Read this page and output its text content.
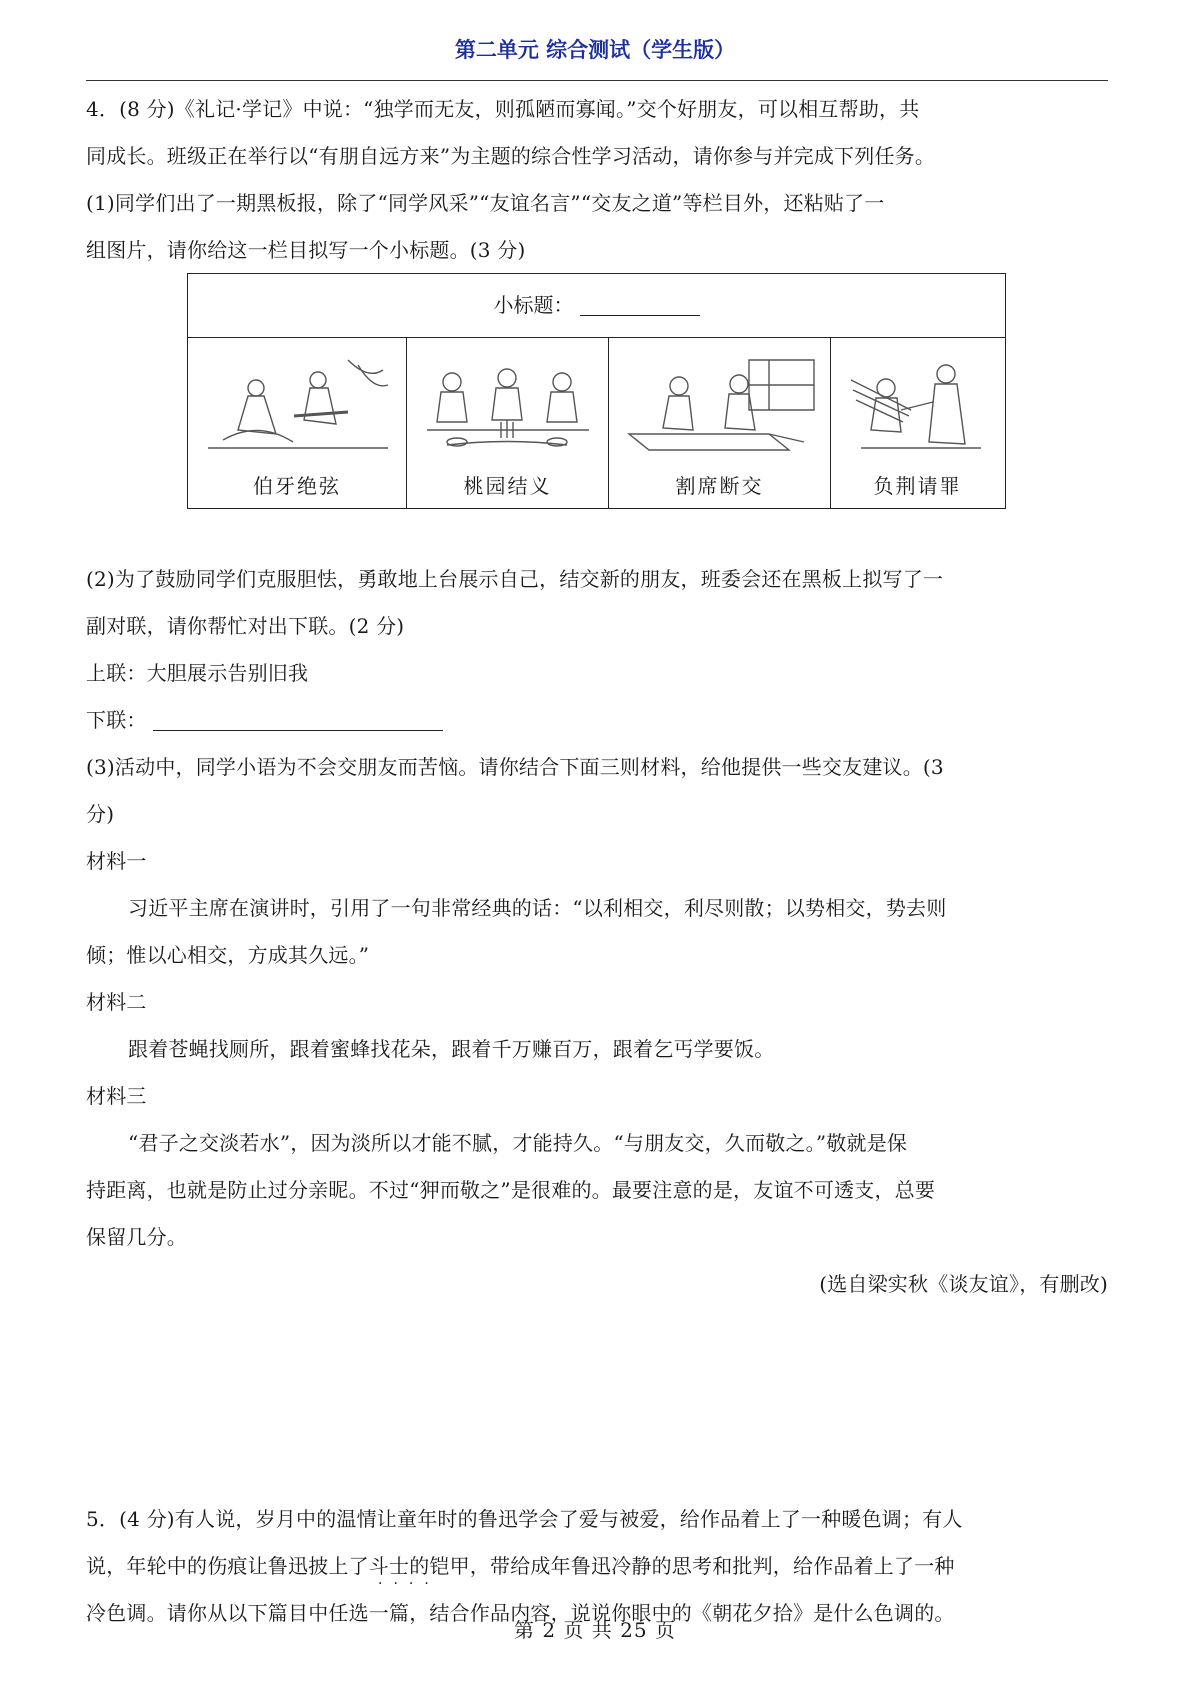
第二单元 综合测试（学生版）

4．(8 分)《礼记·学记》中说：“独学而无友，则孤陋而寡闻。”交个好朋友，可以相互帮助，共

同成长。班级正在举行以“有朋自远方来”为主题的综合性学习活动，请你参与并完成下列任务。

(1)同学们出了一期黑板报，除了“同学风采”“友谊名言”“交友之道”等栏目外，还粘贴了一

组图片，请你给这一栏目拟写一个小标题。(3 分)

(2)为了鼓励同学们克服胆怯，勇敢地上台展示自己，结交新的朋友，班委会还在黑板上拟写了一

副对联，请你帮忙对出下联。(2 分)

上联：大胆展示告别旧我

下联：

(3)活动中，同学小语为不会交朋友而苦恼。请你结合下面三则材料，给他提供一些交友建议。(3

分)

材料一

习近平主席在演讲时，引用了一句非常经典的话：“以利相交，利尽则散；以势相交，势去则

倾；惟以心相交，方成其久远。”

材料二

跟着苍蝇找厕所，跟着蜜蜂找花朵，跟着千万赚百万，跟着乞丐学要饭。

材料三

“君子之交淡若水”，因为淡所以才能不腻，才能持久。“与朋友交，久而敬之。”敬就是保

持距离，也就是防止过分亲昵。不过“狎而敬之”是很难的。最要注意的是，友谊不可透支，总要

保留几分。

(选自梁实秋《谈友谊》，有删改)

5．(4 分)有人说，岁月中的温情让童年时的鲁迅学会了爱与被爱，给作品着上了一种暖色调；有人

说，年轮中的伤痕让鲁迅披上了斗士的铠甲，带给成年鲁迅冷静的思考和批判，给作品着上了一种

冷色调。请你从以下篇目中任选一篇，结合作品内容，说说你眼中的《朝花夕拾》是什么色调的。

····
小标题：
伯牙绝弦	桃园结义	割席断交	负荆请罪
第 2 页 共 25 页
